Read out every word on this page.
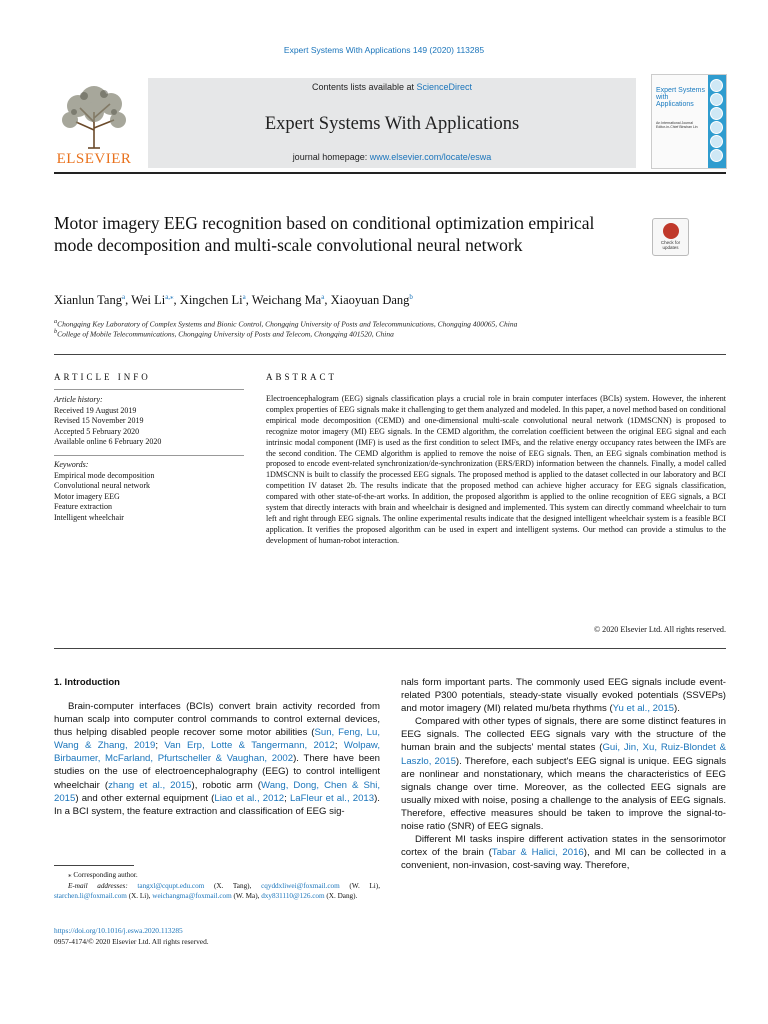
Expert Systems With Applications 149 (2020) 113285
ELSEVIER
Contents lists available at ScienceDirect
Expert Systems With Applications
journal homepage: www.elsevier.com/locate/eswa
Expert Systems with Applications
An International Journal
Editor-in-Chief Binshan Lin
Motor imagery EEG recognition based on conditional optimization empirical mode decomposition and multi-scale convolutional neural network	Check for updates
Xianlun Tang$^a$, Wei $Li^{a,⁎}$, Xingchen Li$^a$, Weichang Ma$^a$, Xiaoyuan Dang$^b$
$^a$Chongqing Key Laboratory of Complex Systems and Bionic Control, Chongqing University of Posts and Telecommunications, Chongqing 400065, China
$^b$College of Mobile Telecommunications, Chongqing University of Posts and Telecom, Chongqing 401520, China
ARTICLE INFO	ABSTRACT
Article history:
Received 19 August 2019
Revised 15 November 2019
Accepted 5 February 2020
Available online 6 February 2020
Keywords:
Empirical mode decomposition
Convolutional neural network
Motor imagery EEG
Feature extraction
Intelligent wheelchair
Electroencephalogram (EEG) signals classification plays a crucial role in brain computer interfaces (BCIs) system. However, the inherent complex properties of EEG signals make it challenging to get them analyzed and modeled. In this paper, a novel method based on conditional empirical mode decomposition (CEMD) and one-dimensional multi-scale convolutional neural network (1DMSCNN) is proposed to recognize motor imagery (MI) EEG signals. In the CEMD algorithm, the correlation coefficient between the original EEG signal and each intrinsic modal component (IMF) is used as the first condition to select IMFs, and the relative energy occupancy rates between the IMFs are the second condition. The CEMD algorithm is applied to remove the noise of EEG signals. Then, an EEG signals combination method is proposed to encode event-related synchronization/de-synchronization (ERS/ERD) information between the channels. Finally, a model called 1DMSCNN is built to classify the processed EEG signals. The proposed method is applied to the dataset collected in our laboratory and BCI competition IV dataset 2b. The results indicate that the proposed method can achieve higher accuracy for EEG signals classification, compared with other state-of-the-art works. In addition, the proposed algorithm is applied to the online recognition of EEG signals, a BCI system that directly interacts with brain and wheelchair is designed and implemented. This system can directly command wheelchair to turn left and right through EEG signals. The online experimental results indicate that the designed intelligent wheelchair system is a feasible BCI application. It verifies the proposed algorithm can be used in expert and intelligent systems. Our method can provide a stimulus to the development of human-robot interaction.
© 2020 Elsevier Ltd. All rights reserved.
1. Introduction

Brain-computer interfaces (BCIs) convert brain activity recorded from human scalp into computer control commands to control external devices, thus helping disabled people recover some motor abilities (Sun, Feng, Lu, Wang & Zhang, 2019; Van Erp, Lotte & Tangermann, 2012; Wolpaw, Birbaumer, McFarland, Pfurtscheller & Vaughan, 2002). There have been studies on the use of electroencephalography (EEG) to control intelligent wheelchair (zhang et al., 2015), robotic arm (Wang, Dong, Chen & Shi, 2015) and other external equipment (Liao et al., 2012; LaFleur et al., 2013). In a BCI system, the feature extraction and classification of EEG sig-

nals form important parts. The commonly used EEG signals include event-related P300 potentials, steady-state visually evoked potentials (SSVEPs) and motor imagery (MI) related mu/beta rhythms (Yu et al., 2015).

Compared with other types of signals, there are some distinct features in EEG signals. The collected EEG signals vary with the structure of the human brain and the subjects' mental states (Gui, Jin, Xu, Ruiz-Blondet & Laszlo, 2015). Therefore, each subject's EEG signal is unique. EEG signals are nonlinear and nonstationary, which means the characteristics of EEG signals change over time. Moreover, as the collected EEG signals are usually mixed with noise, posing a challenge to the analysis of EEG signals. Therefore, effective measures should be taken to improve the signal-to-noise ratio (SNR) of EEG signals.

Different MI tasks inspire different activation states in the sensorimotor cortex of the brain (Tabar & Halici, 2016), and MI can be collected in a convenient, non-invasion, cost-saving way. Therefore,

⁎ Corresponding author.
E-mail addresses: tangxl@cqupt.edu.com (X. Tang), cqyddxliwei@foxmail.com (W. Li), starchen.li@foxmail.com (X. Li), weichangma@foxmail.com (W. Ma), dxy831110@126.com (X. Dang).
https://doi.org/10.1016/j.eswa.2020.113285
0957-4174/© 2020 Elsevier Ltd. All rights reserved.
